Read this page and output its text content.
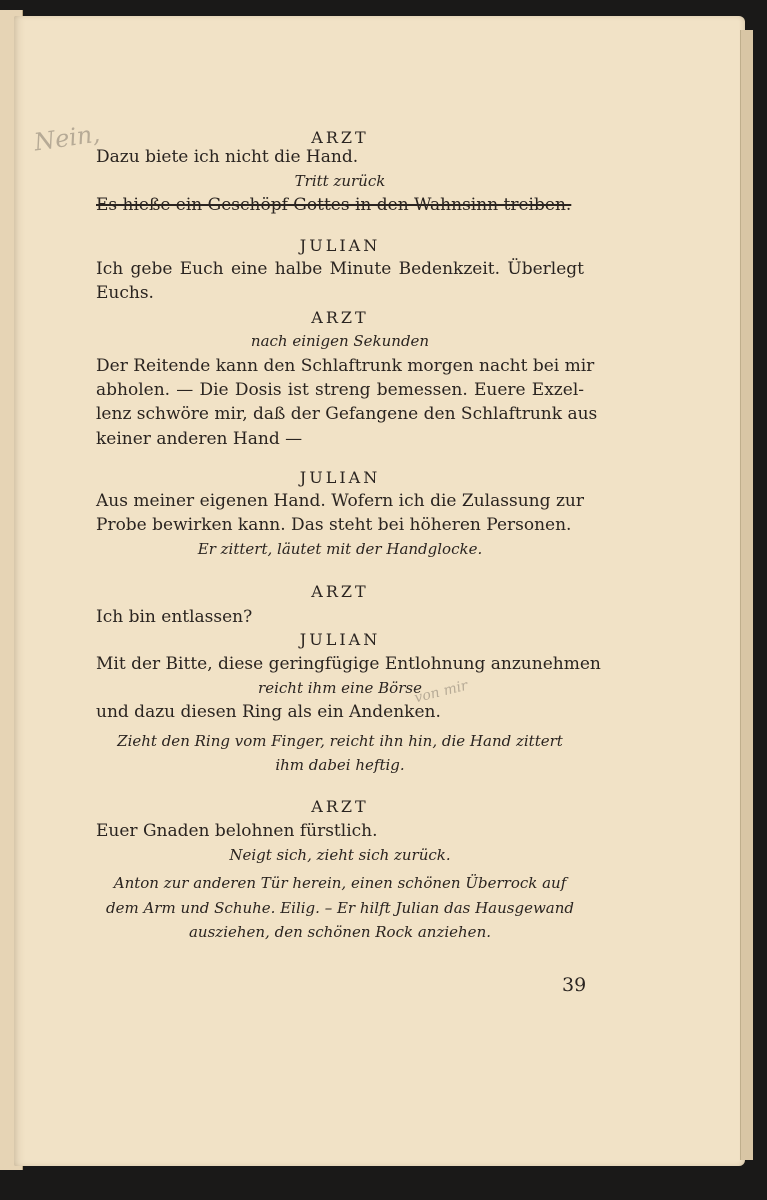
ARZT
Dazu biete ich nicht die Hand.
Tritt zurück
Es hieße ein Geschöpf Gottes in den Wahnsinn treiben.
JULIAN
Ich gebe Euch eine halbe Minute Bedenkzeit. Überlegt
Euchs.
ARZT
nach einigen Sekunden
Der Reitende kann den Schlaftrunk morgen nacht bei mir
abholen. — Die Dosis ist streng bemessen. Euere Exzel-
lenz schwöre mir, daß der Gefangene den Schlaftrunk aus
keiner anderen Hand —
JULIAN
Aus meiner eigenen Hand. Wofern ich die Zulassung zur
Probe bewirken kann. Das steht bei höheren Personen.
Er zittert, läutet mit der Handglocke.
ARZT
Ich bin entlassen?
JULIAN
Mit der Bitte, diese geringfügige Entlohnung anzunehmen
reicht ihm eine Börse
und dazu diesen Ring als ein Andenken.
Zieht den Ring vom Finger, reicht ihn hin, die Hand zittert
ihm dabei heftig.
ARZT
Euer Gnaden belohnen fürstlich.
Neigt sich, zieht sich zurück.
Anton zur anderen Tür herein, einen schönen Überrock auf
dem Arm und Schuhe. Eilig. – Er hilft Julian das Hausgewand
ausziehen, den schönen Rock anziehen.
39
Nein,
von mir
